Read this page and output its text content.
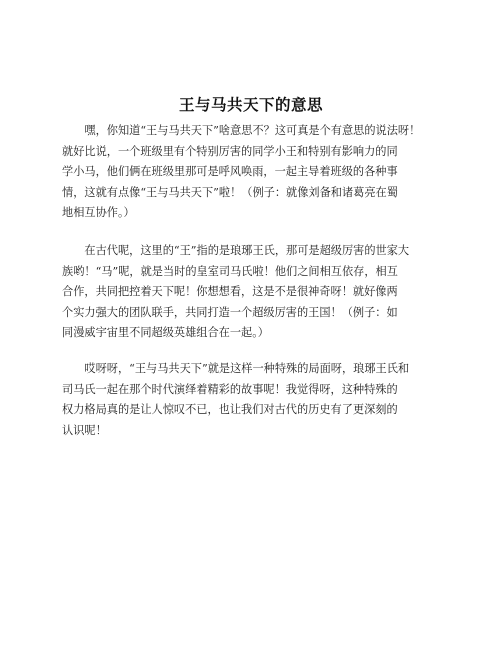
王与马共天下的意思
　　嘿，你知道“王与马共天下”啥意思不？这可真是个有意思的说法呀！
就好比说，一个班级里有个特别厉害的同学小王和特别有影响力的同
学小马，他们俩在班级里那可是呼风唤雨，一起主导着班级的各种事
情，这就有点像“王与马共天下”啦！（例子：就像刘备和诸葛亮在蜀
地相互协作。）
　　在古代呢，这里的“王”指的是琅琊王氏，那可是超级厉害的世家大
族哟！“马”呢，就是当时的皇室司马氏啦！他们之间相互依存，相互
合作，共同把控着天下呢！你想想看，这是不是很神奇呀！就好像两
个实力强大的团队联手，共同打造一个超级厉害的王国！（例子：如
同漫威宇宙里不同超级英雄组合在一起。）
　　哎呀呀，“王与马共天下”就是这样一种特殊的局面呀，琅琊王氏和
司马氏一起在那个时代演绎着精彩的故事呢！我觉得呀，这种特殊的
权力格局真的是让人惊叹不已，也让我们对古代的历史有了更深刻的
认识呢！
